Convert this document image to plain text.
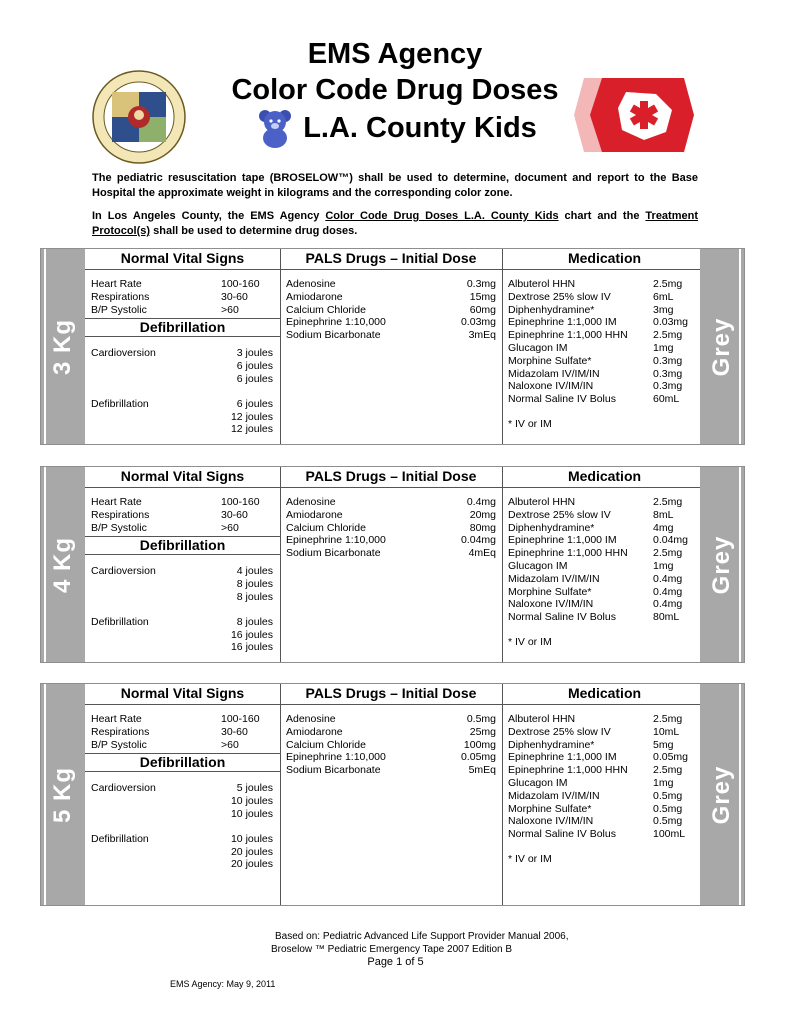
EMS Agency
Color Code Drug Doses
L.A. County Kids
The pediatric resuscitation tape (BROSELOW™) shall be used to determine, document and report to the Base Hospital the approximate weight in kilograms and the corresponding color zone.
In Los Angeles County, the EMS Agency Color Code Drug Doses L.A. County Kids chart and the Treatment Protocol(s) shall be used to determine drug doses.
3 Kg
Normal Vital Signs
Heart Rate	100-160
Respirations	30-60
B/P Systolic	>60
Defibrillation
Cardioversion	3 joules
6 joules
6 joules
Defibrillation	6 joules
12 joules
12 joules
PALS Drugs – Initial Dose
Adenosine	0.3mg
Amiodarone	15mg
Calcium Chloride	60mg
Epinephrine 1:10,000	0.03mg
Sodium Bicarbonate	3mEq
Medication
Albuterol HHN	2.5mg
Dextrose 25% slow IV	6mL
Diphenhydramine*	3mg
Epinephrine 1:1,000 IM	0.03mg
Epinephrine 1:1,000 HHN	2.5mg
Glucagon IM	1mg
Morphine Sulfate*	0.3mg
Midazolam IV/IM/IN	0.3mg
Naloxone IV/IM/IN	0.3mg
Normal Saline IV Bolus	60mL
* IV or IM
Grey
4 Kg
Normal Vital Signs
Heart Rate	100-160
Respirations	30-60
B/P Systolic	>60
Defibrillation
Cardioversion	4 joules
8 joules
8 joules
Defibrillation	8 joules
16 joules
16 joules
PALS Drugs – Initial Dose
Adenosine	0.4mg
Amiodarone	20mg
Calcium Chloride	80mg
Epinephrine 1:10,000	0.04mg
Sodium Bicarbonate	4mEq
Medication
Albuterol HHN	2.5mg
Dextrose 25% slow IV	8mL
Diphenhydramine*	4mg
Epinephrine 1:1,000 IM	0.04mg
Epinephrine 1:1,000 HHN	2.5mg
Glucagon IM	1mg
Midazolam IV/IM/IN	0.4mg
Morphine Sulfate*	0.4mg
Naloxone IV/IM/IN	0.4mg
Normal Saline IV Bolus	80mL
* IV or IM
Grey
5 Kg
Normal Vital Signs
Heart Rate	100-160
Respirations	30-60
B/P Systolic	>60
Defibrillation
Cardioversion	5 joules
10 joules
10 joules
Defibrillation	10 joules
20 joules
20 joules
PALS Drugs – Initial Dose
Adenosine	0.5mg
Amiodarone	25mg
Calcium Chloride	100mg
Epinephrine 1:10,000	0.05mg
Sodium Bicarbonate	5mEq
Medication
Albuterol HHN	2.5mg
Dextrose 25% slow IV	10mL
Diphenhydramine*	5mg
Epinephrine 1:1,000 IM	0.05mg
Epinephrine 1:1,000 HHN	2.5mg
Glucagon IM	1mg
Midazolam IV/IM/IN	0.5mg
Morphine Sulfate*	0.5mg
Naloxone IV/IM/IN	0.5mg
Normal Saline IV Bolus	100mL
* IV or IM
Grey
Based on: Pediatric Advanced Life Support Provider Manual 2006,
Broselow ™ Pediatric Emergency Tape 2007 Edition B
Page 1 of 5
EMS Agency: May 9, 2011
